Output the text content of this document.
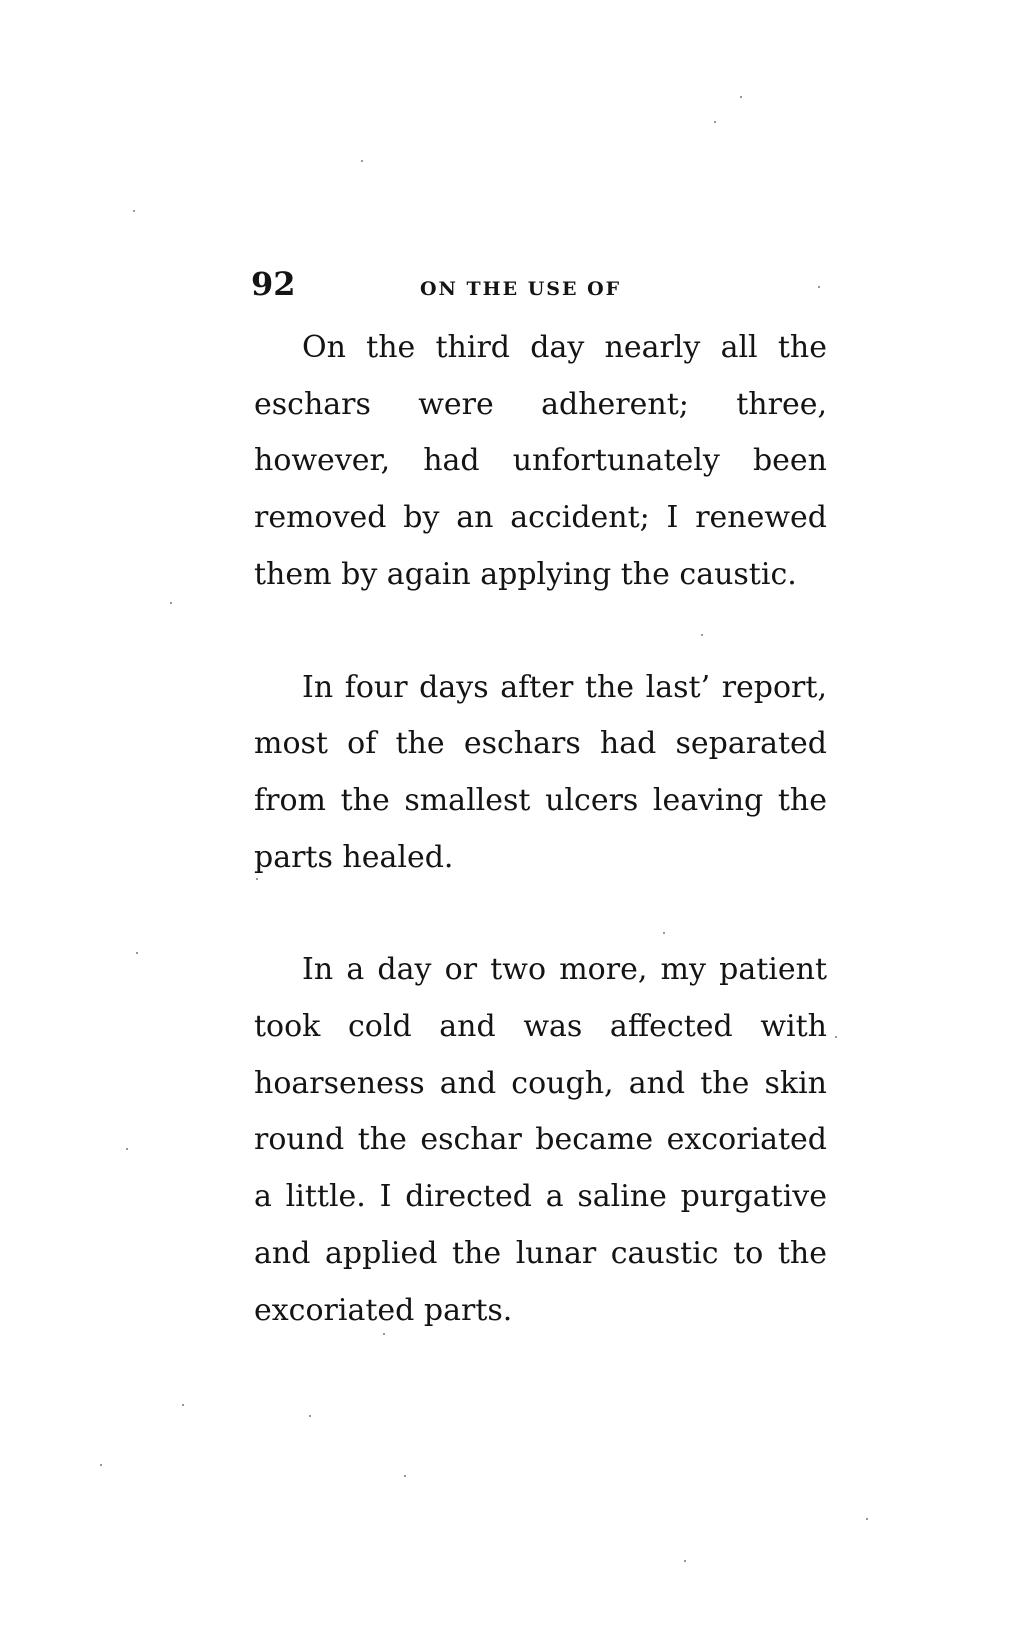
92	ON THE USE OF

On the third day nearly all the eschars were adherent; three, however, had unfortunately been removed by an accident; I renewed them by again applying the caustic.

In four days after the last’ report, most of the eschars had separated from the smallest ulcers leaving the parts healed.

In a day or two more, my patient took cold and was affected with hoarseness and cough, and the skin round the eschar became excoriated a little. I directed a saline purgative and applied the lunar caustic to the excoriated parts.
